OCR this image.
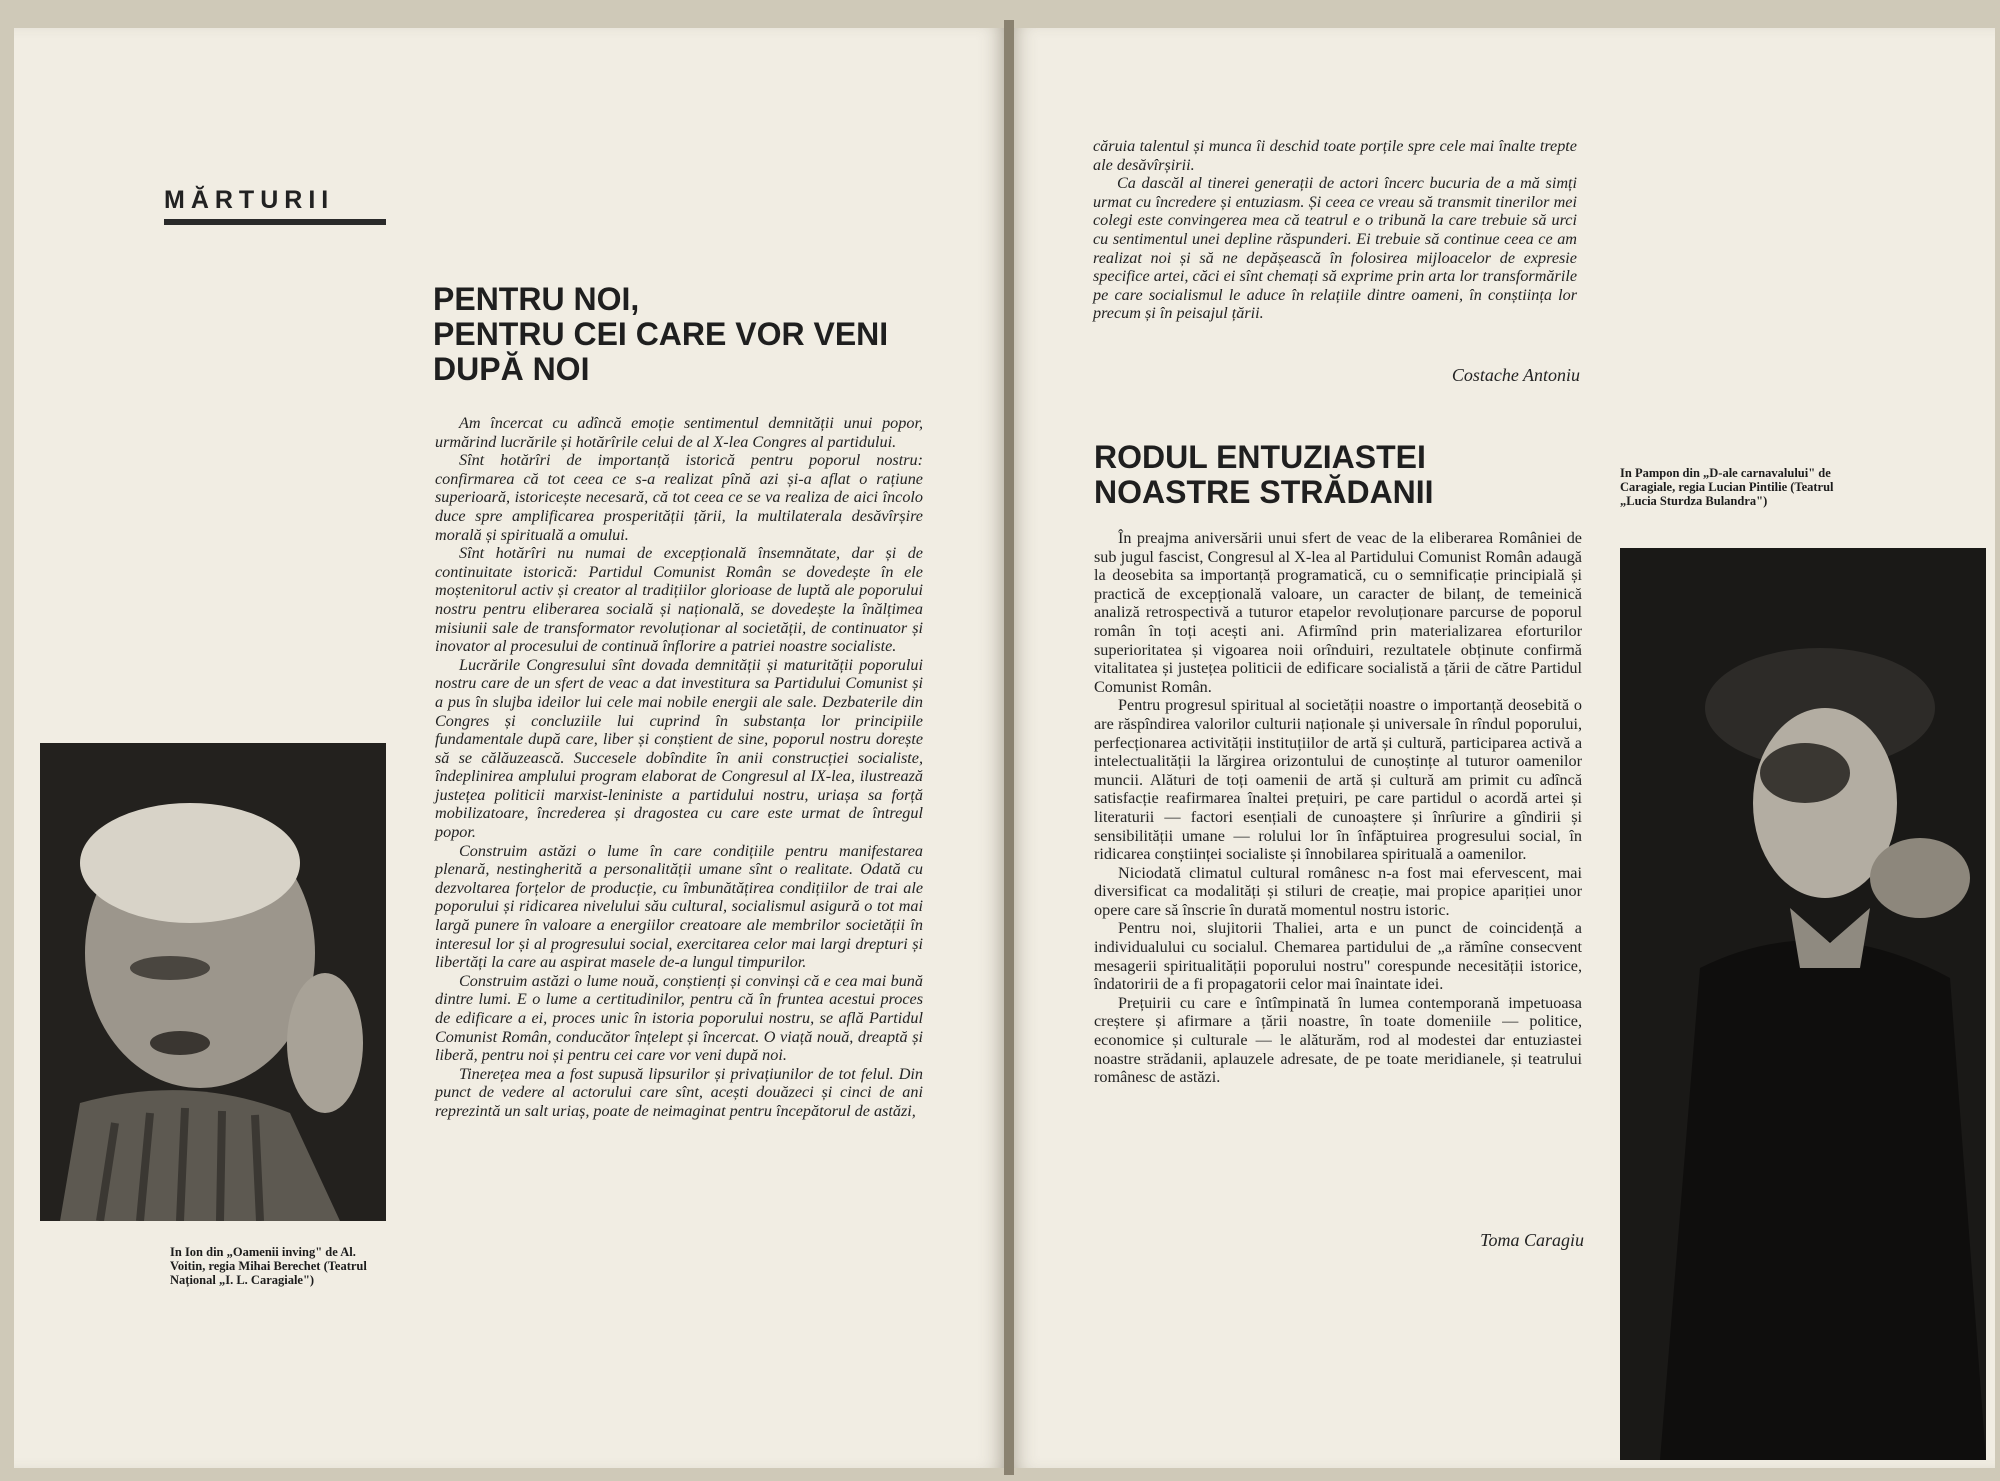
MĂRTURII
PENTRU NOI,
PENTRU CEI CARE VOR VENI
DUPĂ NOI

Am încercat cu adîncă emoție sentimentul demnității unui popor, urmărind lucrările și hotărîrile celui de al X-lea Congres al partidului.

Sînt hotărîri de importanță istorică pentru poporul nostru: confirmarea că tot ceea ce s-a realizat pînă azi și-a aflat o rațiune superioară, istoricește necesară, că tot ceea ce se va realiza de aici încolo duce spre amplificarea prosperității țării, la multilaterala desăvîrșire morală și spirituală a omului.

Sînt hotărîri nu numai de excepțională însemnătate, dar și de continuitate istorică: Partidul Comunist Român se dovedește în ele moștenitorul activ și creator al tradițiilor glorioase de luptă ale poporului nostru pentru eliberarea socială și națională, se dovedește la înălțimea misiunii sale de transformator revoluționar al societății, de continuator și inovator al procesului de continuă înflorire a patriei noastre socialiste.

Lucrările Congresului sînt dovada demnității și maturității poporului nostru care de un sfert de veac a dat investitura sa Partidului Comunist și a pus în slujba ideilor lui cele mai nobile energii ale sale. Dezbaterile din Congres și concluziile lui cuprind în substanța lor principiile fundamentale după care, liber și conștient de sine, poporul nostru dorește să se călăuzească. Succesele dobîndite în anii construcției socialiste, îndeplinirea amplului program elaborat de Congresul al IX-lea, ilustrează justețea politicii marxist-leniniste a partidului nostru, uriașa sa forță mobilizatoare, încrederea și dragostea cu care este urmat de întregul popor.

Construim astăzi o lume în care condițiile pentru manifestarea plenară, nestingherită a personalității umane sînt o realitate. Odată cu dezvoltarea forțelor de producție, cu îmbunătățirea condițiilor de trai ale poporului și ridicarea nivelului său cultural, socialismul asigură o tot mai largă punere în valoare a energiilor creatoare ale membrilor societății în interesul lor și al progresului social, exercitarea celor mai largi drepturi și libertăți la care au aspirat masele de-a lungul timpurilor.

Construim astăzi o lume nouă, conștienți și convinși că e cea mai bună dintre lumi. E o lume a certitudinilor, pentru că în fruntea acestui proces de edificare a ei, proces unic în istoria poporului nostru, se află Partidul Comunist Român, conducător înțelept și încercat. O viață nouă, dreaptă și liberă, pentru noi și pentru cei care vor veni după noi.

Tinerețea mea a fost supusă lipsurilor și privațiunilor de tot felul. Din punct de vedere al actorului care sînt, acești douăzeci și cinci de ani reprezintă un salt uriaș, poate de neimaginat pentru începătorul de astăzi,

In Ion din „Oamenii inving" de Al. Voitin, regia Mihai Berechet (Teatrul Național „I. L. Caragiale")

căruia talentul și munca îi deschid toate porțile spre cele mai înalte trepte ale desăvîrșirii.

Ca dascăl al tinerei generații de actori încerc bucuria de a mă simți urmat cu încredere și entuziasm. Și ceea ce vreau să transmit tinerilor mei colegi este convingerea mea că teatrul e o tribună la care trebuie să urci cu sentimentul unei depline răspunderi. Ei trebuie să continue ceea ce am realizat noi și să ne depășească în folosirea mijloacelor de expresie specifice artei, căci ei sînt chemați să exprime prin arta lor transformările pe care socialismul le aduce în relațiile dintre oameni, în conștiința lor precum și în peisajul țării.

Costache Antoniu
RODUL ENTUZIASTEI
NOASTRE STRĂDANII

În preajma aniversării unui sfert de veac de la eliberarea României de sub jugul fascist, Congresul al X-lea al Partidului Comunist Român adaugă la deosebita sa importanță programatică, cu o semnificație principială și practică de excepțională valoare, un caracter de bilanț, de temeinică analiză retrospectivă a tuturor etapelor revoluționare parcurse de poporul român în toți acești ani. Afirmînd prin materializarea eforturilor superioritatea și vigoarea noii orînduiri, rezultatele obținute confirmă vitalitatea și justețea politicii de edificare socialistă a țării de către Partidul Comunist Român.

Pentru progresul spiritual al societății noastre o importanță deosebită o are răspîndirea valorilor culturii naționale și universale în rîndul poporului, perfecționarea activității instituțiilor de artă și cultură, participarea activă a intelectualității la lărgirea orizontului de cunoștințe al tuturor oamenilor muncii. Alături de toți oamenii de artă și cultură am primit cu adîncă satisfacție reafirmarea înaltei prețuiri, pe care partidul o acordă artei și literaturii — factori esențiali de cunoaștere și înrîurire a gîndirii și sensibilității umane — rolului lor în înfăptuirea progresului social, în ridicarea conștiinței socialiste și înnobilarea spirituală a oamenilor.

Niciodată climatul cultural românesc n-a fost mai efervescent, mai diversificat ca modalități și stiluri de creație, mai propice apariției unor opere care să înscrie în durată momentul nostru istoric.

Pentru noi, slujitorii Thaliei, arta e un punct de coincidență a individualului cu socialul. Chemarea partidului de „a rămîne consecvent mesagerii spiritualității poporului nostru" corespunde necesității istorice, îndatoririi de a fi propagatorii celor mai înaintate idei.

Prețuirii cu care e întîmpinată în lumea contemporană impetuoasa creștere și afirmare a țării noastre, în toate domeniile — politice, economice și culturale — le alăturăm, rod al modestei dar entuziastei noastre strădanii, aplauzele adresate, de pe toate meridianele, și teatrului românesc de astăzi.

Toma Caragiu
In Pampon din „D-ale carnavalului" de Caragiale, regia Lucian Pintilie (Teatrul „Lucia Sturdza Bulandra")
